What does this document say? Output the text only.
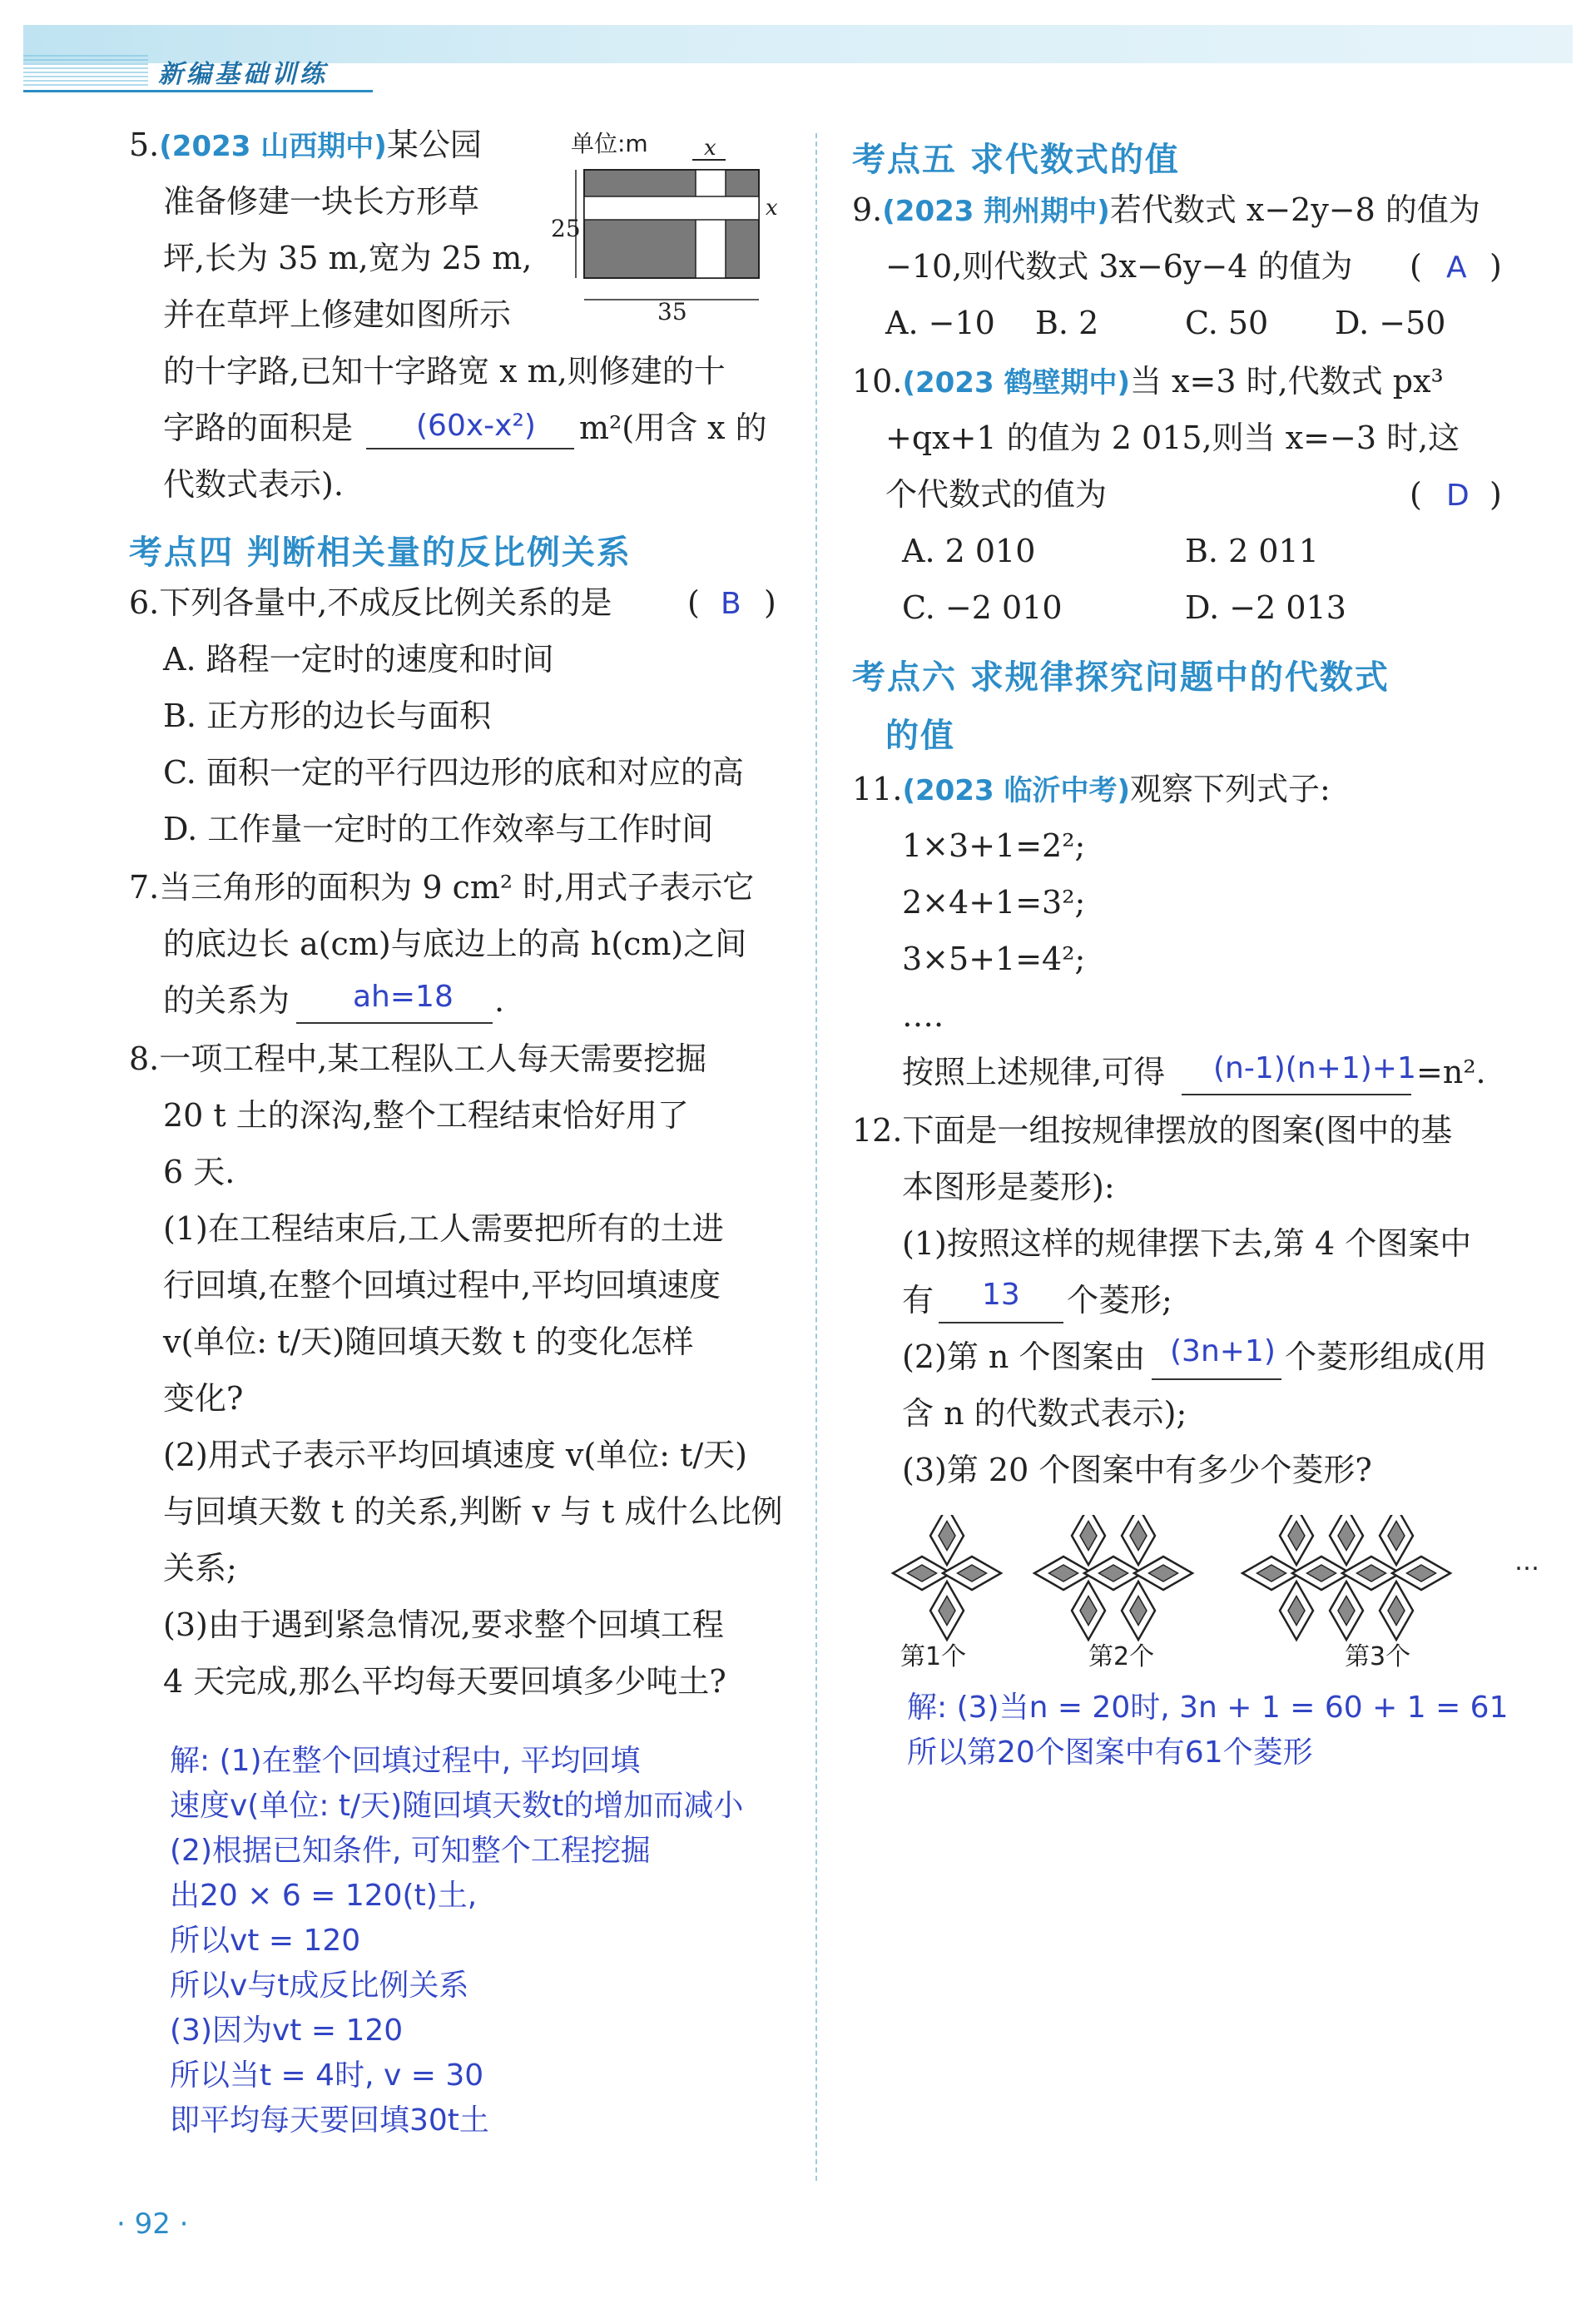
新编基础训练
5.(2023 山西期中)某公园
准备修建一块长方形草
坪,长为 35 m,宽为 25 m,
并在草坪上修建如图所示
的十字路,已知十字路宽 x m,则修建的十
字路的面积是 (60x-x²) m²(用含 x 的
代数式表示).
单位:m	x
x
25
35
考点四 判断相关量的反比例关系
6.下列各量中,不成反比例关系的是 ( B )
A. 路程一定时的速度和时间
B. 正方形的边长与面积
C. 面积一定的平行四边形的底和对应的高
D. 工作量一定时的工作效率与工作时间
7.当三角形的面积为 9 cm² 时,用式子表示它
的底边长 a(cm)与底边上的高 h(cm)之间
的关系为 ah=18 .
8.一项工程中,某工程队工人每天需要挖掘
20 t 土的深沟,整个工程结束恰好用了
6 天.
(1)在工程结束后,工人需要把所有的土进
行回填,在整个回填过程中,平均回填速度
v(单位: t/天)随回填天数 t 的变化怎样
变化?
(2)用式子表示平均回填速度 v(单位: t/天)
与回填天数 t 的关系,判断 v 与 t 成什么比例
关系;
(3)由于遇到紧急情况,要求整个回填工程
4 天完成,那么平均每天要回填多少吨土?
解: (1)在整个回填过程中, 平均回填
速度v(单位: t/天)随回填天数t的增加而减小
(2)根据已知条件, 可知整个工程挖掘
出20 × 6 = 120(t)土,
所以vt = 120
所以v与t成反比例关系
(3)因为vt = 120
所以当t = 4时, v = 30
即平均每天要回填30t土
考点五 求代数式的值
9.(2023 荆州期中)若代数式 x−2y−8 的值为
−10,则代数式 3x−6y−4 的值为 ( A )
A. −10 B. 2	C. 50 D. −50
10.(2023 鹤壁期中)当 x=3 时,代数式 px³
+qx+1 的值为 2 015,则当 x=−3 时,这
个代数式的值为	( D )
A. 2 010	B. 2 011
C. −2 010	D. −2 013
考点六 求规律探究问题中的代数式
的值
11.(2023 临沂中考)观察下列式子:
1×3+1=2²;
2×4+1=3²;
3×5+1=4²;
….
按照上述规律,可得 (n-1)(n+1)+1 =n².
12.下面是一组按规律摆放的图案(图中的基
本图形是菱形):
(1)按照这样的规律摆下去,第 4 个图案中
有 13 个菱形;
(2)第 n 个图案由 (3n+1) 个菱形组成(用
含 n 的代数式表示);
(3)第 20 个图案中有多少个菱形?
第1个	第2个	第3个
…
解: (3)当n = 20时, 3n + 1 = 60 + 1 = 61
所以第20个图案中有61个菱形
· 92 ·
